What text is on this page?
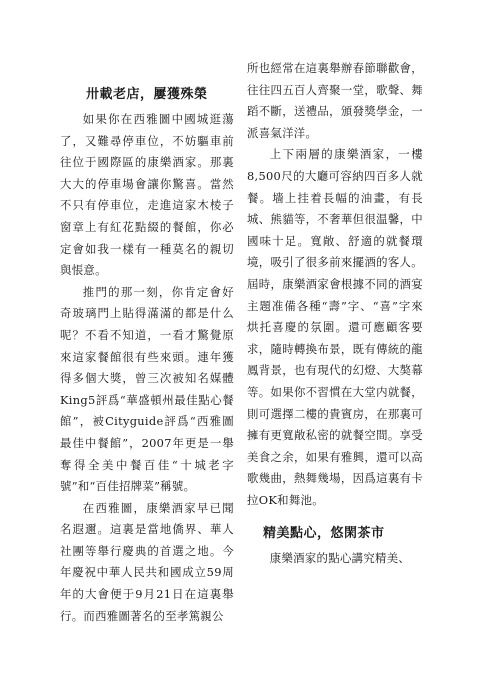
卅載老店，屢獲殊榮

如果你在西雅圖中國城逛蕩了，又難尋停車位，不妨驅車前往位于國際區的康樂酒家。那裏大大的停車場會讓你驚喜。當然不只有停車位，走進這家木棱子窗章上有紅花點綴的餐館，你必定會如我一樣有一種莫名的親切與悵意。

推門的那一刻，你肯定會好奇玻璃門上貼得滿滿的都是什么呢？不看不知道，一看才驚覺原來這家餐館很有些來頭。連年獲得多個大獎，曾三次被知名媒體King5評爲“華盛頓州最佳點心餐館”，被Cityguide評爲“西雅圖最佳中餐館”，2007年更是一舉奪得全美中餐百佳“十城老字號”和“百佳招牌菜”稱號。

在西雅圖，康樂酒家早已聞名遐邇。這裏是當地僑界、華人社團等舉行慶典的首選之地。今年慶祝中華人民共和國成立59周年的大會便于9月21日在這裏舉行。而西雅圖著名的至孝篤親公

所也經常在這裏舉辦春節聯歡會，往往四五百人齊聚一堂，歌聲、舞蹈不斷，送禮品，頒發獎學金，一派喜氣洋洋。

上下兩層的康樂酒家，一樓8,500尺的大廳可容納四百多人就餐。墻上挂着長幅的油畫，有長城、熊貓等，不奢華但很温馨，中國味十足。寬敞、舒適的就餐環境，吸引了很多前來擺酒的客人。屆時，康樂酒家會根據不同的酒宴主題准備各種“壽”字、“喜”字來烘托喜慶的氛圍。還可應顧客要求，隨時轉換布景，既有傳統的龍鳳背景，也有現代的幻燈、大獒幕等。如果你不習慣在大堂内就餐，則可選擇二樓的貴賓房，在那裏可擁有更寬敞私密的就餐空間。享受美食之余，如果有雅興，還可以高歌幾曲，熱舞幾場，因爲這裏有卡拉OK和舞池。

精美點心，悠閑茶市

康樂酒家的點心講究精美、
